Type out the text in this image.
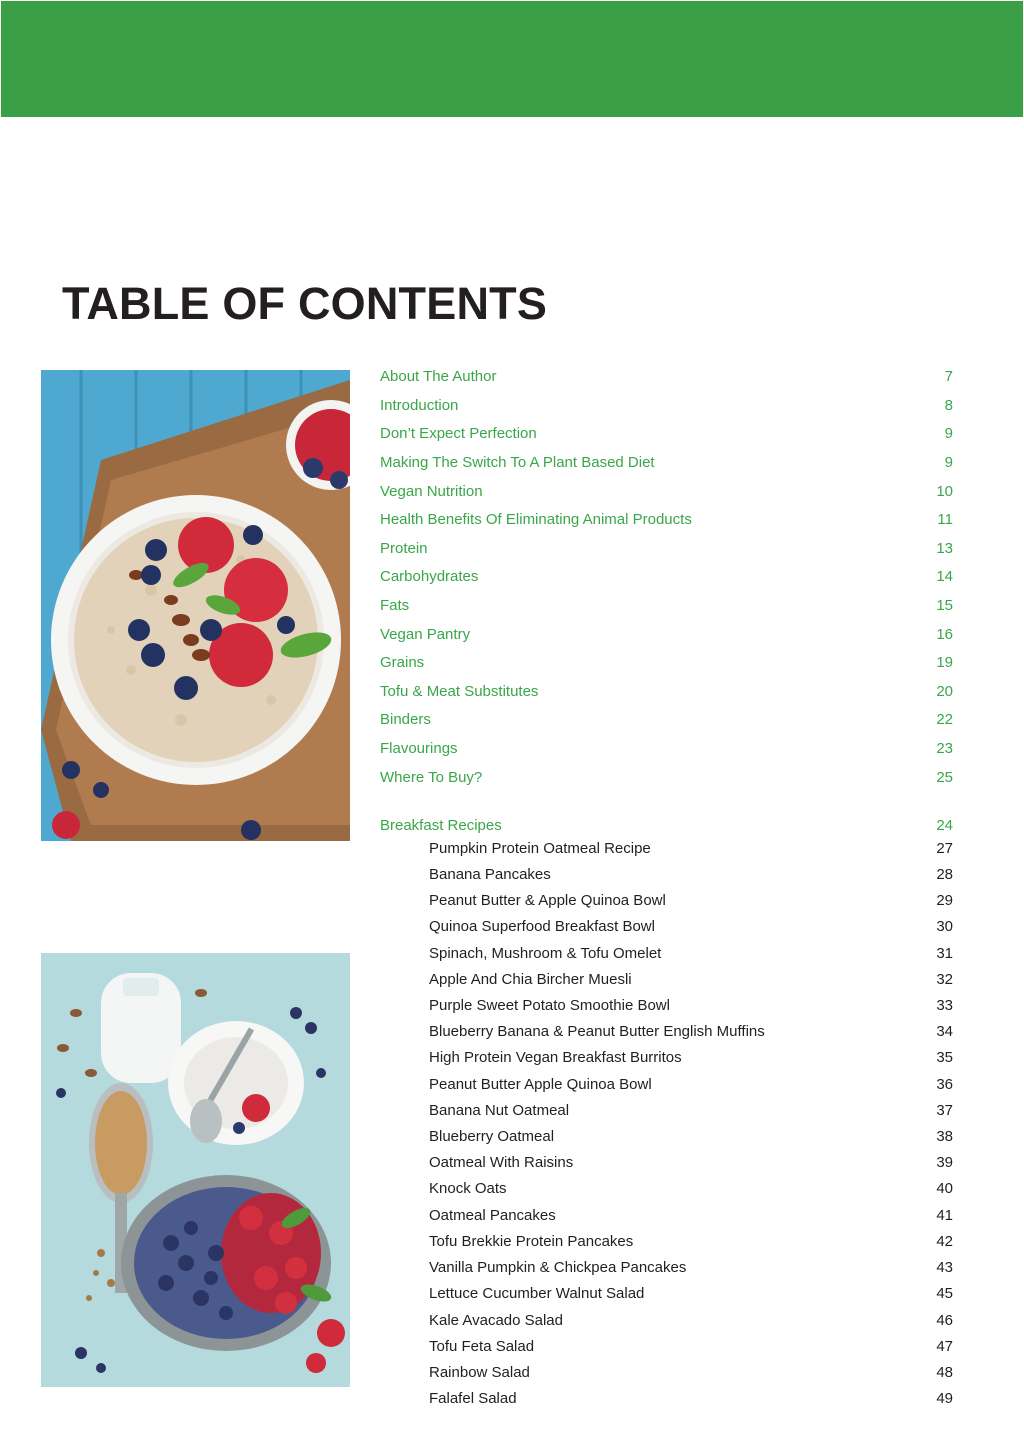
TABLE OF CONTENTS
About The Author	7
Introduction	8
Don’t Expect Perfection	9
Making The Switch To A Plant Based Diet	9
Vegan Nutrition	10
Health Benefits Of Eliminating Animal Products	11
Protein	13
Carbohydrates	14
Fats	15
Vegan Pantry	16
Grains	19
Tofu & Meat Substitutes	20
Binders	22
Flavourings	23
Where To Buy?	25
Breakfast Recipes	24
Pumpkin Protein Oatmeal Recipe	27
Banana Pancakes	28
Peanut Butter & Apple Quinoa Bowl	29
Quinoa Superfood Breakfast Bowl	30
Spinach, Mushroom & Tofu Omelet	31
Apple And Chia Bircher Muesli	32
Purple Sweet Potato Smoothie Bowl	33
Blueberry Banana & Peanut Butter English Muffins	34
High Protein Vegan Breakfast Burritos	35
Peanut Butter Apple Quinoa Bowl	36
Banana Nut Oatmeal	37
Blueberry Oatmeal	38
Oatmeal With Raisins	39
Knock Oats	40
Oatmeal Pancakes	41
Tofu Brekkie Protein Pancakes	42
Vanilla Pumpkin & Chickpea Pancakes	43
Lettuce Cucumber Walnut Salad	45
Kale Avacado Salad	46
Tofu Feta Salad	47
Rainbow Salad	48
Falafel Salad	49
